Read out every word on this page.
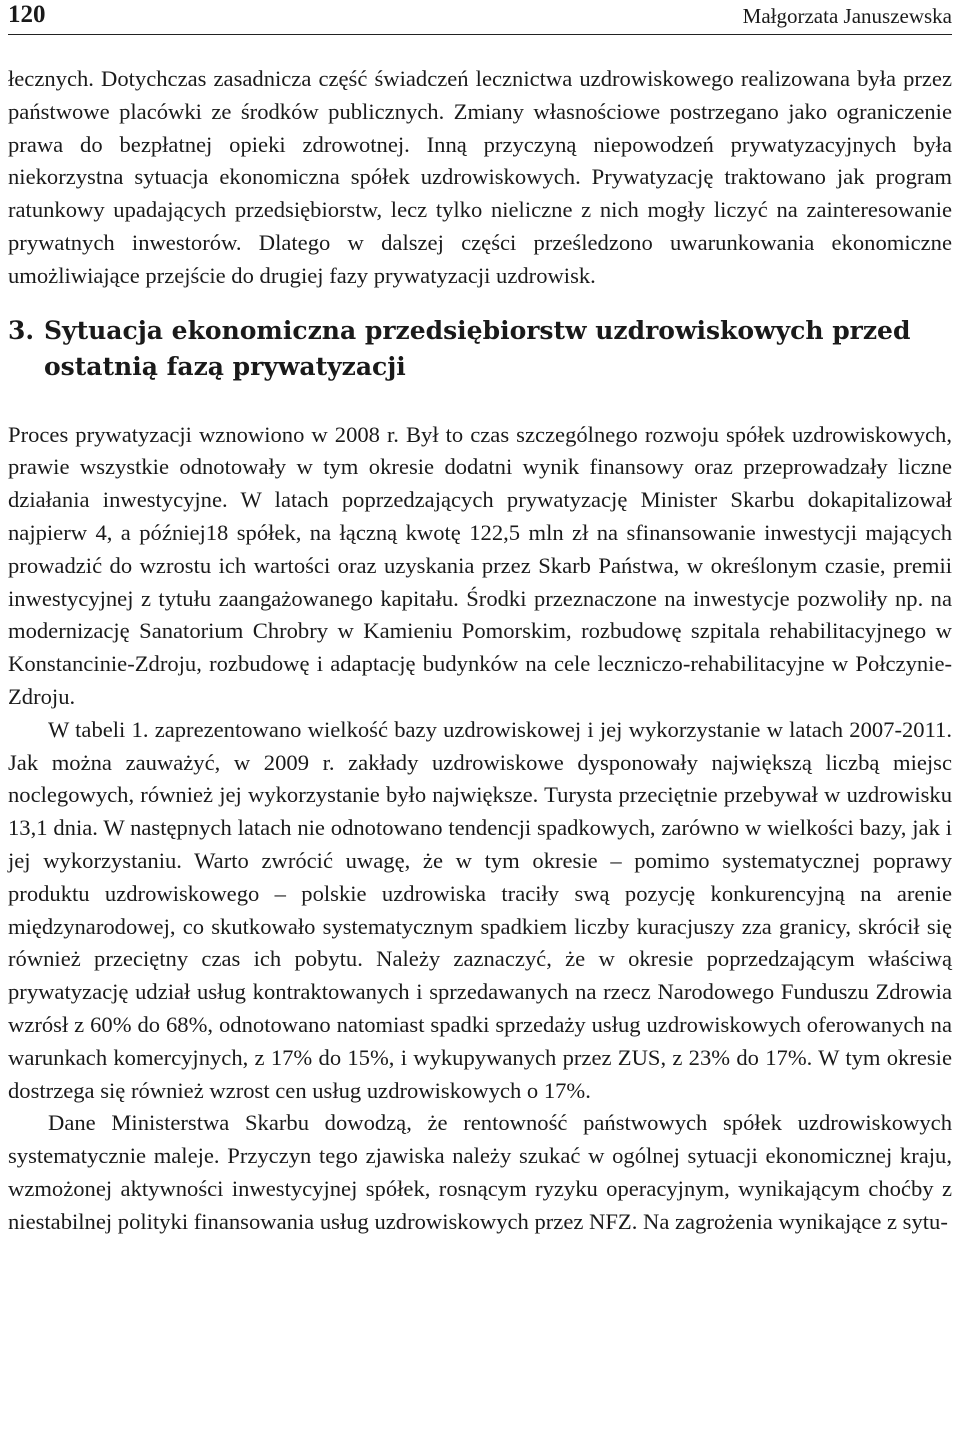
120	Małgorzata Januszewska

łecznych. Dotychczas zasadnicza część świadczeń lecznictwa uzdrowiskowego realizowana była przez państwowe placówki ze środków publicznych. Zmiany własnościowe postrzegano jako ograniczenie prawa do bezpłatnej opieki zdrowotnej. Inną przyczyną niepowodzeń prywatyzacyjnych była niekorzystna sytuacja ekonomiczna spółek uzdrowiskowych. Prywatyzację traktowano jak program ratunkowy upadających przedsiębiorstw, lecz tylko nieliczne z nich mogły liczyć na zainteresowanie prywatnych inwestorów. Dlatego w dalszej części prześledzono uwarunkowania ekonomiczne umożliwiające przejście do drugiej fazy prywatyzacji uzdrowisk.

3. Sytuacja ekonomiczna przedsiębiorstw uzdrowiskowych przed ostatnią fazą prywatyzacji

Proces prywatyzacji wznowiono w 2008 r. Był to czas szczególnego rozwoju spółek uzdrowiskowych, prawie wszystkie odnotowały w tym okresie dodatni wynik finansowy oraz przeprowadzały liczne działania inwestycyjne. W latach poprzedzających prywatyzację Minister Skarbu dokapitalizował najpierw 4, a później18 spółek, na łączną kwotę 122,5 mln zł na sfinansowanie inwestycji mających prowadzić do wzrostu ich wartości oraz uzyskania przez Skarb Państwa, w określonym czasie, premii inwestycyjnej z tytułu zaangażowanego kapitału. Środki przeznaczone na inwestycje pozwoliły np. na modernizację Sanatorium Chrobry w Kamieniu Pomorskim, rozbudowę szpitala rehabilitacyjnego w Konstancinie-Zdroju, rozbudowę i adaptację budynków na cele leczniczo-rehabilitacyjne w Połczynie-Zdroju.

W tabeli 1. zaprezentowano wielkość bazy uzdrowiskowej i jej wykorzystanie w latach 2007-2011. Jak można zauważyć, w 2009 r. zakłady uzdrowiskowe dysponowały największą liczbą miejsc noclegowych, również jej wykorzystanie było największe. Turysta przeciętnie przebywał w uzdrowisku 13,1 dnia. W następnych latach nie odnotowano tendencji spadkowych, zarówno w wielkości bazy, jak i jej wykorzystaniu. Warto zwrócić uwagę, że w tym okresie – pomimo systematycznej poprawy produktu uzdrowiskowego – polskie uzdrowiska traciły swą pozycję konkurencyjną na arenie międzynarodowej, co skutkowało systematycznym spadkiem liczby kuracjuszy zza granicy, skrócił się również przeciętny czas ich pobytu. Należy zaznaczyć, że w okresie poprzedzającym właściwą prywatyzację udział usług kontraktowanych i sprzedawanych na rzecz Narodowego Funduszu Zdrowia wzrósł z 60% do 68%, odnotowano natomiast spadki sprzedaży usług uzdrowiskowych oferowanych na warunkach komercyjnych, z 17% do 15%, i wykupywanych przez ZUS, z 23% do 17%. W tym okresie dostrzega się również wzrost cen usług uzdrowiskowych o 17%.

Dane Ministerstwa Skarbu dowodzą, że rentowność państwowych spółek uzdrowiskowych systematycznie maleje. Przyczyn tego zjawiska należy szukać w ogólnej sytuacji ekonomicznej kraju, wzmożonej aktywności inwestycyjnej spółek, rosnącym ryzyku operacyjnym, wynikającym choćby z niestabilnej polityki finansowania usług uzdrowiskowych przez NFZ. Na zagrożenia wynikające z sytu-
